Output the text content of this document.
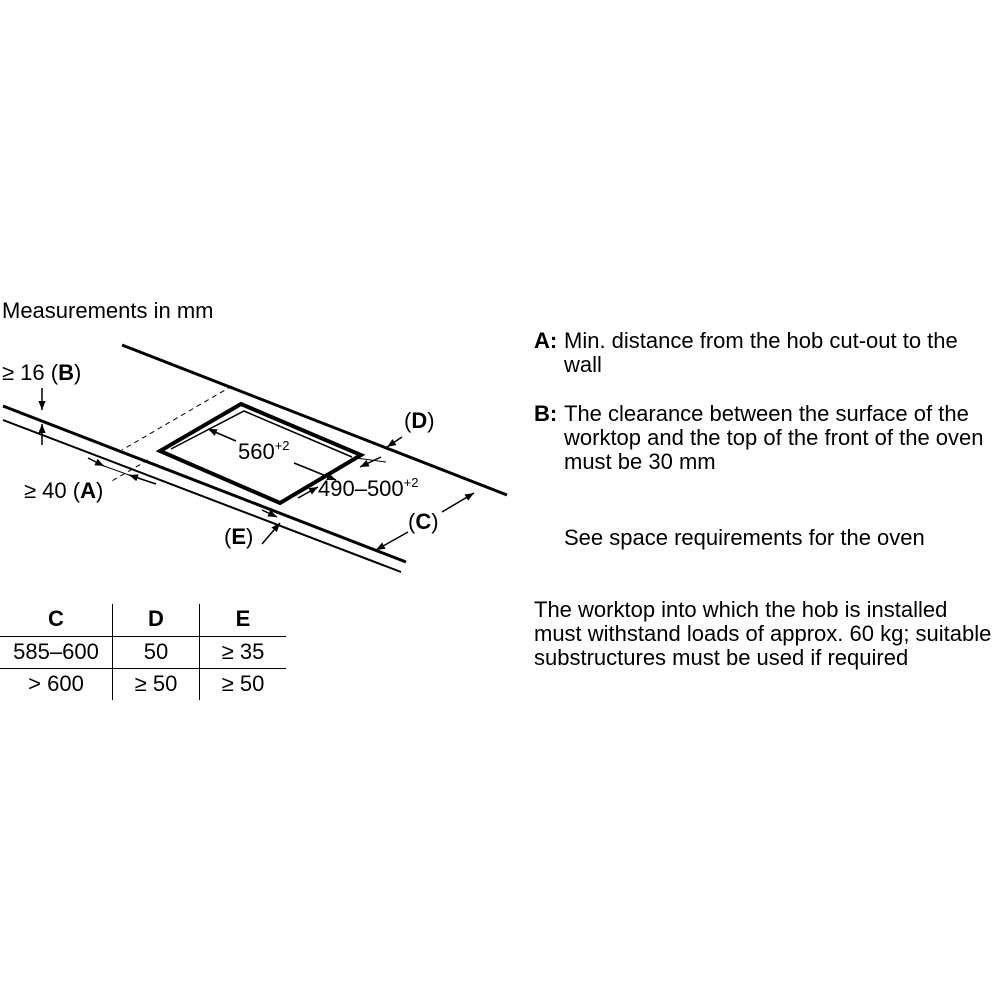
Measurements in mm
≥ 16 (B)
≥ 40 (A)
(D)
(E)
(C)
$560^{+2}$
$490-500^{+2}$
C	D	E
585–600	50	≥ 35
> 600	≥ 50	≥ 50
A: Min. distance from the hob cut-out to the wall
B: The clearance between the surface of the worktop and the top of the front of the oven must be 30 mm
See space requirements for the oven
The worktop into which the hob is installed must withstand loads of approx. 60 kg; suitable substructures must be used if required
